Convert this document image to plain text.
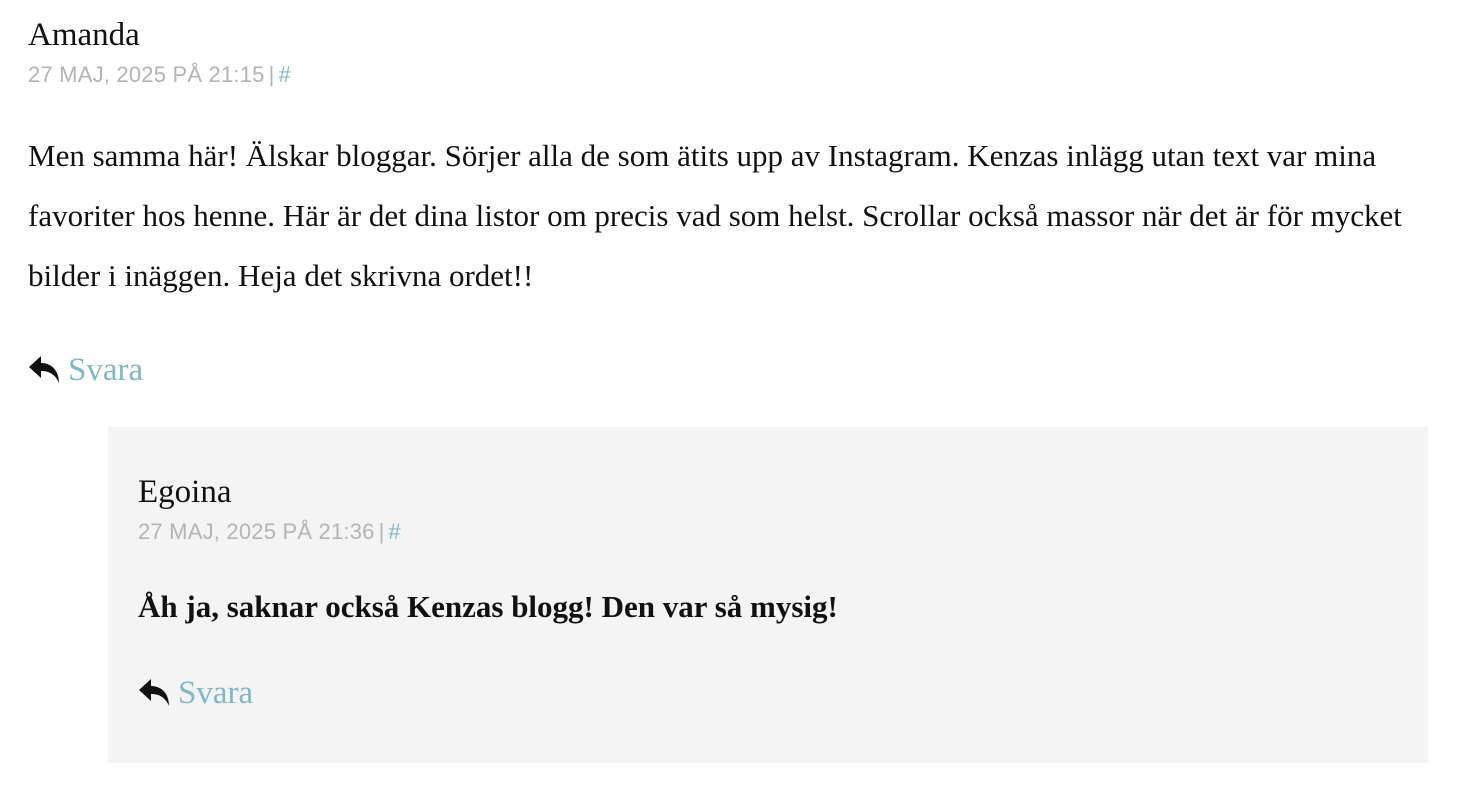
Amanda
27 MAJ, 2025 PÅ 21:15 | #
Men samma här! Älskar bloggar. Sörjer alla de som ätits upp av Instagram. Kenzas inlägg utan text var mina favoriter hos henne. Här är det dina listor om precis vad som helst. Scrollar också massor när det är för mycket bilder i inäggen. Heja det skrivna ordet!!
Svara
Egoina
27 MAJ, 2025 PÅ 21:36 | #
Åh ja, saknar också Kenzas blogg! Den var så mysig!
Svara
